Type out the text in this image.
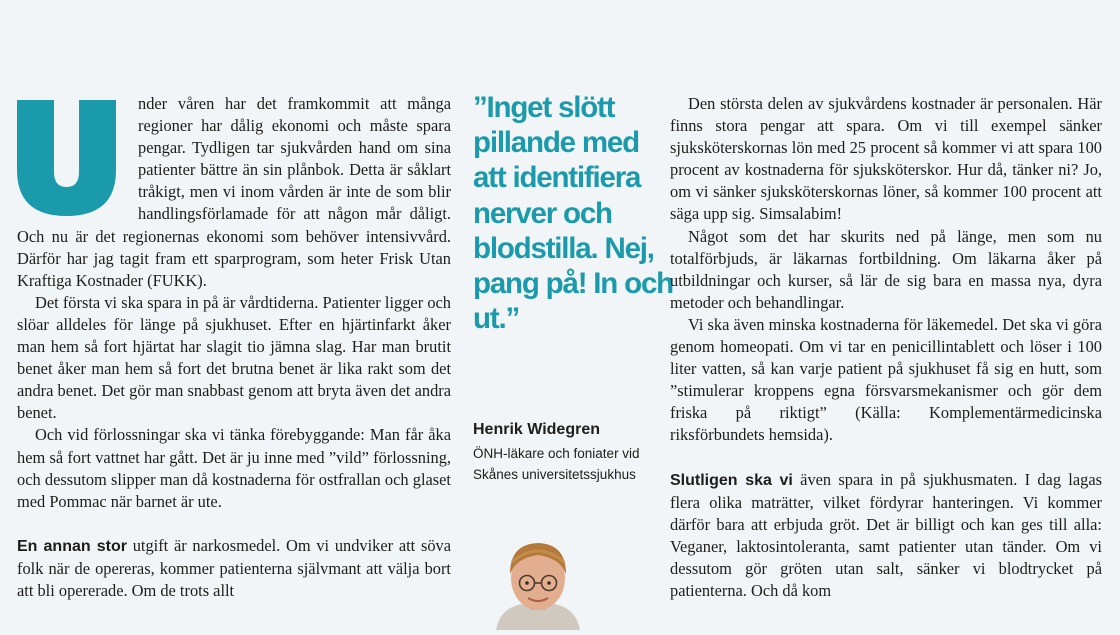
nder våren har det framkommit att många regioner har dålig ekonomi och måste spara pengar. Tydligen tar sjukvården hand om sina patienter bättre än sin plånbok. Detta är såklart tråkigt, men vi inom vården är inte de som blir handlingsförlamade för att någon mår dåligt. Och nu är det regionernas ekonomi som behöver intensivvård. Därför har jag tagit fram ett sparprogram, som heter Frisk Utan Kraftiga Kostnader (FUKK).

Det första vi ska spara in på är vårdtiderna. Patienter ligger och slöar alldeles för länge på sjukhuset. Efter en hjärtinfarkt åker man hem så fort hjärtat har slagit tio jämna slag. Har man brutit benet åker man hem så fort det brutna benet är lika rakt som det andra benet. Det gör man snabbast genom att bryta även det andra benet.

Och vid förlossningar ska vi tänka förebyggande: Man får åka hem så fort vattnet har gått. Det är ju inne med ”vild” förlossning, och dessutom slipper man då kostnaderna för ostfrallan och glaset med Pommac när barnet är ute.

En annan stor utgift är narkosmedel. Om vi undviker att söva folk när de opereras, kommer patienterna självmant att välja bort att bli opererade. Om de trots allt

”Inget slött pillande med att identifiera nerver och blodstilla. Nej, pang på! In och ut.”
Henrik Widegren
ÖNH-läkare och foniater vid Skånes universitetssjukhus

Den största delen av sjukvårdens kostnader är personalen. Här finns stora pengar att spara. Om vi till exempel sänker sjuksköterskornas lön med 25 procent så kommer vi att spara 100 procent av kostnaderna för sjuksköterskor. Hur då, tänker ni? Jo, om vi sänker sjuksköterskornas löner, så kommer 100 procent att säga upp sig. Simsalabim!

Något som det har skurits ned på länge, men som nu totalförbjuds, är läkarnas fortbildning. Om läkarna åker på utbildningar och kurser, så lär de sig bara en massa nya, dyra metoder och behandlingar.

Vi ska även minska kostnaderna för läkemedel. Det ska vi göra genom homeopati. Om vi tar en penicillintablett och löser i 100 liter vatten, så kan varje patient på sjukhuset få sig en hutt, som ”stimulerar kroppens egna försvarsmekanismer och gör dem friska på riktigt” (Källa: Komplementärmedicinska riksförbundets hemsida).

Slutligen ska vi även spara in på sjukhusmaten. I dag lagas flera olika maträtter, vilket fördyrar hanteringen. Vi kommer därför bara att erbjuda gröt. Det är billigt och kan ges till alla: Veganer, laktosintoleranta, samt patienter utan tänder. Om vi dessutom gör gröten utan salt, sänker vi blodtrycket på patienterna. Och då kom
